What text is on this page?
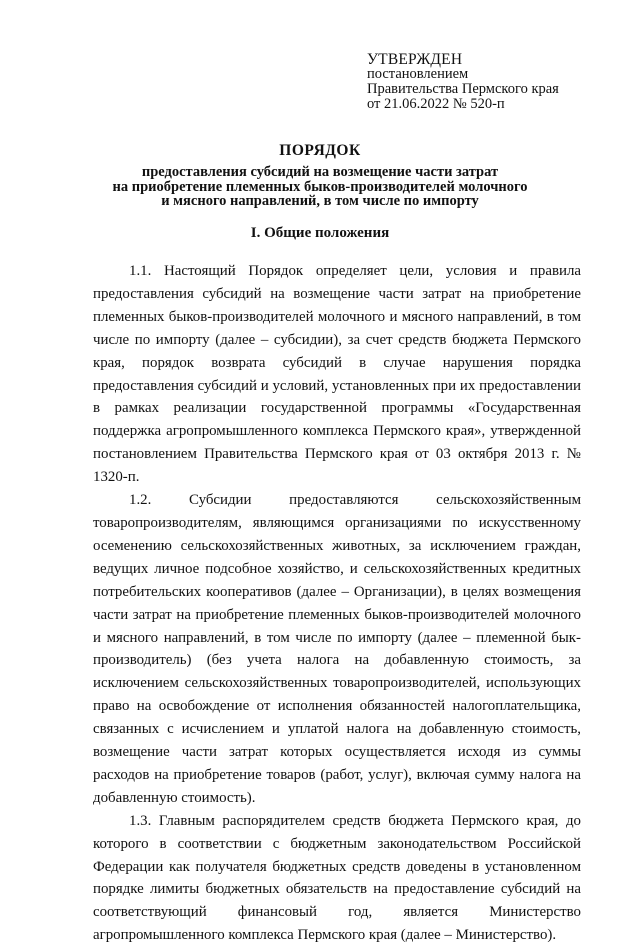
УТВЕРЖДЕН
постановлением
Правительства Пермского края
от 21.06.2022 № 520-п
ПОРЯДОК
предоставления субсидий на возмещение части затрат
на приобретение племенных быков-производителей молочного
и мясного направлений, в том числе по импорту
I. Общие положения

1.1. Настоящий Порядок определяет цели, условия и правила предоставления субсидий на возмещение части затрат на приобретение племенных быков-производителей молочного и мясного направлений, в том числе по импорту (далее – субсидии), за счет средств бюджета Пермского края, порядок возврата субсидий в случае нарушения порядка предоставления субсидий и условий, установленных при их предоставлении в рамках реализации государственной программы «Государственная поддержка агропромышленного комплекса Пермского края», утвержденной постановлением Правительства Пермского края от 03 октября 2013 г. № 1320-п.

1.2. Субсидии предоставляются сельскохозяйственным товаропроизводителям, являющимся организациями по искусственному осеменению сельскохозяйственных животных, за исключением граждан, ведущих личное подсобное хозяйство, и сельскохозяйственных кредитных потребительских кооперативов (далее – Организации), в целях возмещения части затрат на приобретение племенных быков-производителей молочного и мясного направлений, в том числе по импорту (далее – племенной бык-производитель) (без учета налога на добавленную стоимость, за исключением сельскохозяйственных товаропроизводителей, использующих право на освобождение от исполнения обязанностей налогоплательщика, связанных с исчислением и уплатой налога на добавленную стоимость, возмещение части затрат которых осуществляется исходя из суммы расходов на приобретение товаров (работ, услуг), включая сумму налога на добавленную стоимость).

1.3. Главным распорядителем средств бюджета Пермского края, до которого в соответствии с бюджетным законодательством Российской Федерации как получателя бюджетных средств доведены в установленном порядке лимиты бюджетных обязательств на предоставление субсидий на соответствующий финансовый год, является Министерство агропромышленного комплекса Пермского края (далее – Министерство).
